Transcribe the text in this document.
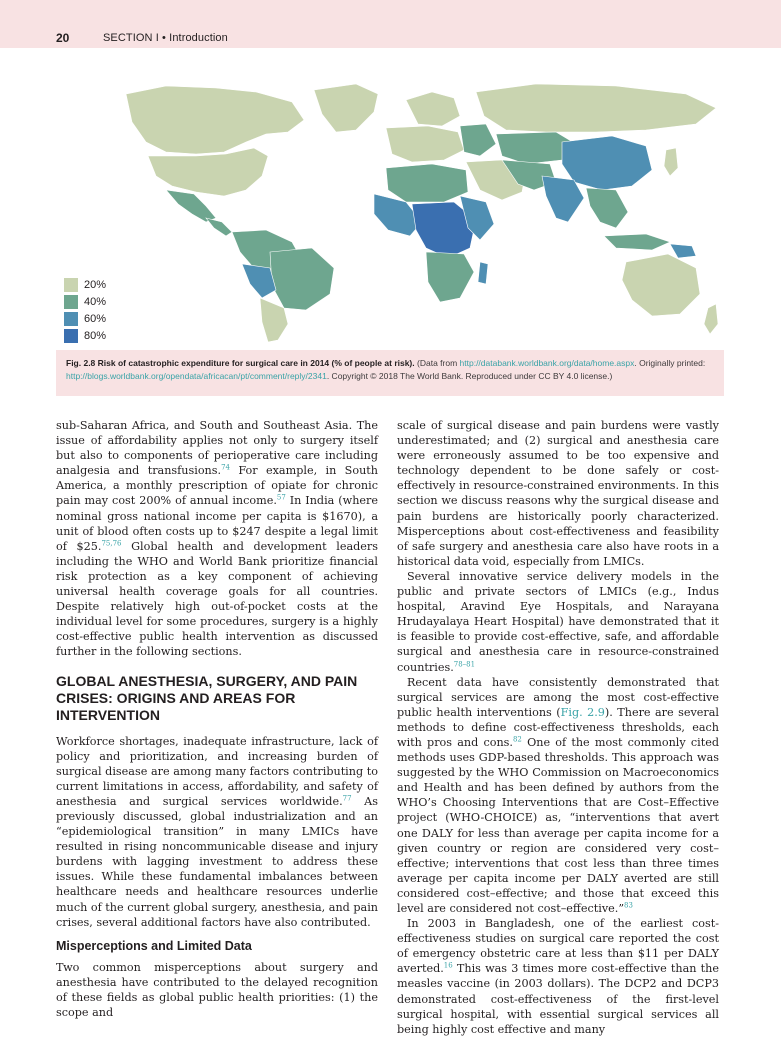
20	SECTION I • Introduction
20%
40%
60%
80%
Fig. 2.8 Risk of catastrophic expenditure for surgical care in 2014 (% of people at risk). (Data from http://databank.worldbank.org/data/home.aspx. Originally printed: http://blogs.worldbank.org/opendata/africacan/pt/comment/reply/2341. Copyright © 2018 The World Bank. Reproduced under CC BY 4.0 license.)

sub-Saharan Africa, and South and Southeast Asia. The issue of affordability applies not only to surgery itself but also to components of perioperative care including analgesia and transfusions.$^{74}$ For example, in South America, a monthly prescription of opiate for chronic pain may cost 200% of annual income.$^{57}$ In India (where nominal gross national income per capita is $1670), a unit of blood often costs up to $247 despite a legal limit of $25.$^{75,76}$ Global health and development leaders including the WHO and World Bank prioritize financial risk protection as a key component of achieving universal health coverage goals for all countries. Despite relatively high out-of-pocket costs at the individual level for some procedures, surgery is a highly cost-effective public health intervention as discussed further in the following sections.

GLOBAL ANESTHESIA, SURGERY, AND PAIN CRISES: ORIGINS AND AREAS FOR INTERVENTION

Workforce shortages, inadequate infrastructure, lack of policy and prioritization, and increasing burden of surgical disease are among many factors contributing to current limitations in access, affordability, and safety of anesthesia and surgical services worldwide.$^{77}$ As previously discussed, global industrialization and an “epidemiological transition” in many LMICs have resulted in rising noncommunicable disease and injury burdens with lagging investment to address these issues. While these fundamental imbalances between healthcare needs and healthcare resources underlie much of the current global surgery, anesthesia, and pain crises, several additional factors have also contributed.

Misperceptions and Limited Data

Two common misperceptions about surgery and anesthesia have contributed to the delayed recognition of these fields as global public health priorities: (1) the scope and

scale of surgical disease and pain burdens were vastly underestimated; and (2) surgical and anesthesia care were erroneously assumed to be too expensive and technology dependent to be done safely or cost-effectively in resource-constrained environments. In this section we discuss reasons why the surgical disease and pain burdens are historically poorly characterized. Misperceptions about cost-effectiveness and feasibility of safe surgery and anesthesia care also have roots in a historical data void, especially from LMICs.

Several innovative service delivery models in the public and private sectors of LMICs (e.g., Indus hospital, Aravind Eye Hospitals, and Narayana Hrudayalaya Heart Hospital) have demonstrated that it is feasible to provide cost-effective, safe, and affordable surgical and anesthesia care in resource-constrained countries.$^{78-81}$

Recent data have consistently demonstrated that surgical services are among the most cost-effective public health interventions (Fig. 2.9). There are several methods to define cost-effectiveness thresholds, each with pros and cons.$^{82}$ One of the most commonly cited methods uses GDP-based thresholds. This approach was suggested by the WHO Commission on Macroeconomics and Health and has been defined by authors from the WHO’s Choosing Interventions that are Cost–Effective project (WHO-CHOICE) as, “interventions that avert one DALY for less than average per capita income for a given country or region are considered very cost–effective; interventions that cost less than three times average per capita income per DALY averted are still considered cost–effective; and those that exceed this level are considered not cost–effective.”$^{83}$

In 2003 in Bangladesh, one of the earliest cost-effectiveness studies on surgical care reported the cost of emergency obstetric care at less than $11 per DALY averted.$^{16}$ This was 3 times more cost-effective than the measles vaccine (in 2003 dollars). The DCP2 and DCP3 demonstrated cost-effectiveness of the first-level surgical hospital, with essential surgical services all being highly cost effective and many
